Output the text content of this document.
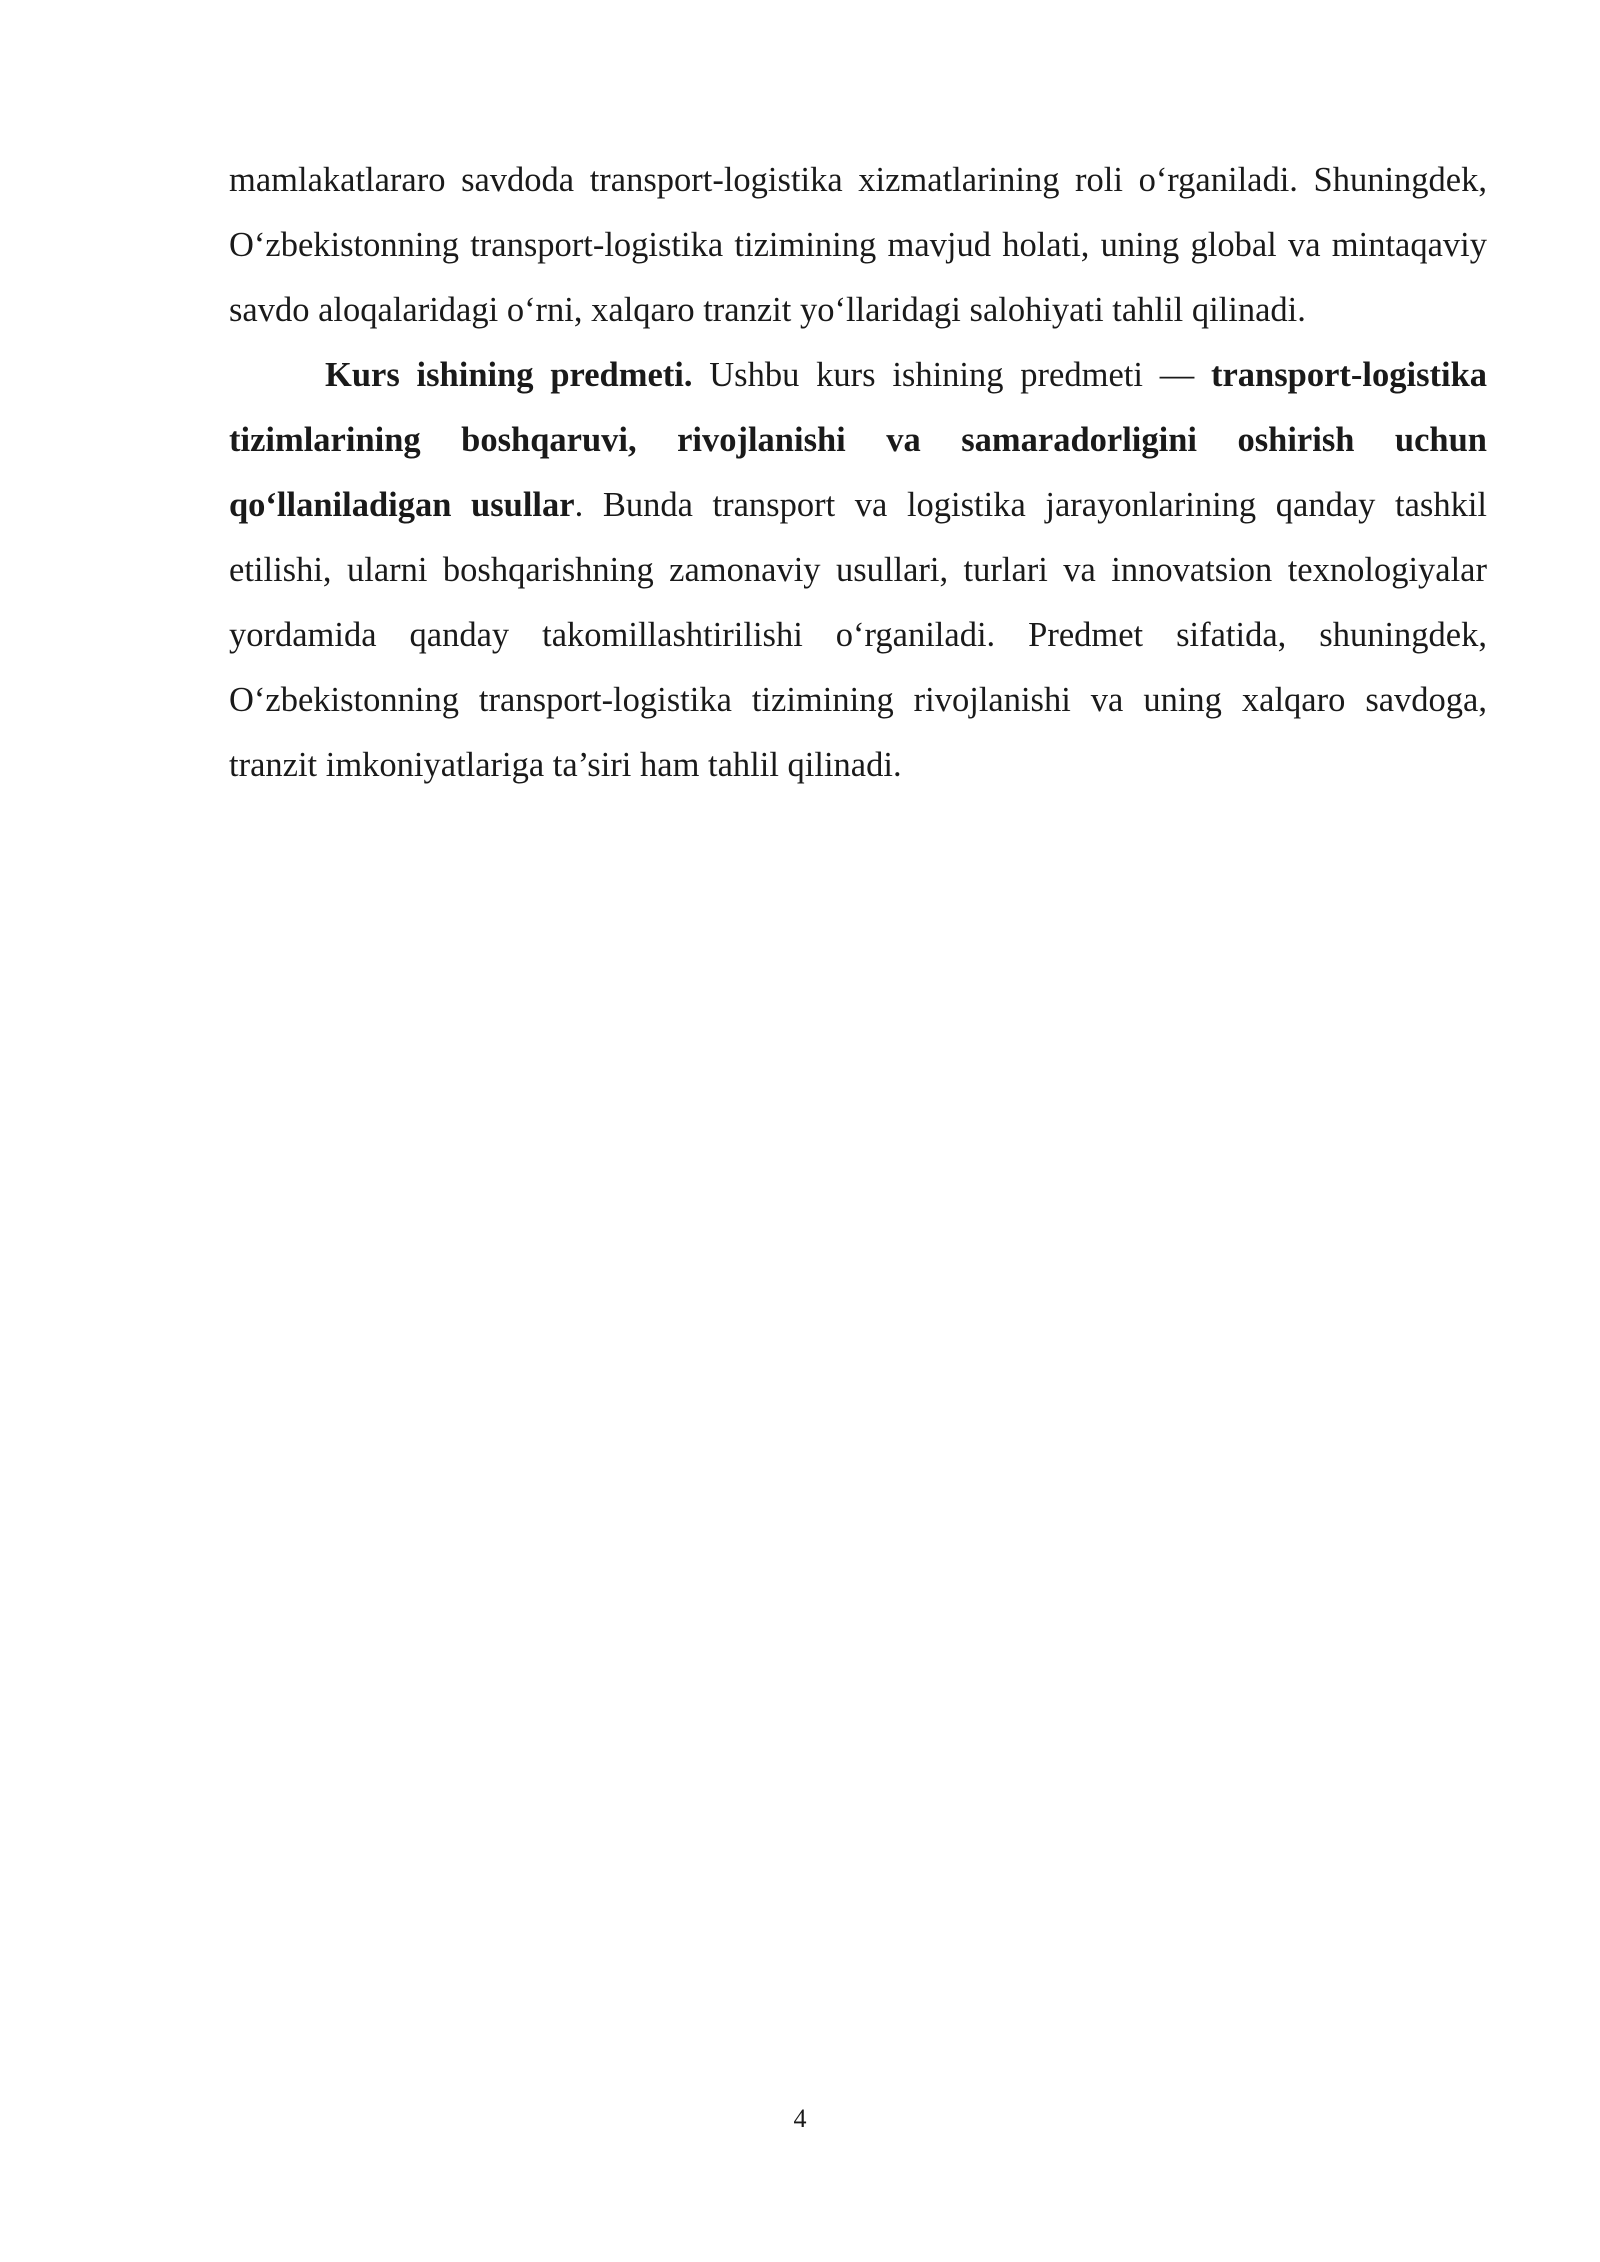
mamlakatlararo savdoda transport-logistika xizmatlarining roli o‘rganiladi. Shuningdek, O‘zbekistonning transport-logistika tizimining mavjud holati, uning global va mintaqaviy savdo aloqalaridagi o‘rni, xalqaro tranzit yo‘llaridagi salohiyati tahlil qilinadi.

Kurs ishining predmeti. Ushbu kurs ishining predmeti — transport-logistika tizimlarining boshqaruvi, rivojlanishi va samaradorligini oshirish uchun qo‘llaniladigan usullar. Bunda transport va logistika jarayonlarining qanday tashkil etilishi, ularni boshqarishning zamonaviy usullari, turlari va innovatsion texnologiyalar yordamida qanday takomillashtirilishi o‘rganiladi. Predmet sifatida, shuningdek, O‘zbekistonning transport-logistika tizimining rivojlanishi va uning xalqaro savdoga, tranzit imkoniyatlariga ta’siri ham tahlil qilinadi.

4
